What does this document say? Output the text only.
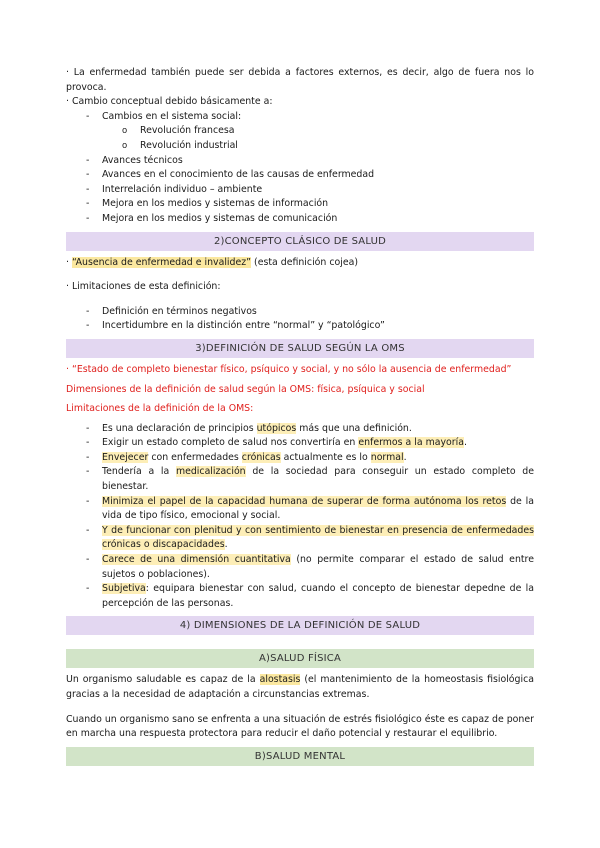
· La enfermedad también puede ser debida a factores externos, es decir, algo de fuera nos lo provoca.

· Cambio conceptual debido básicamente a:

- Cambios en el sistema social:
o Revolución francesa
o Revolución industrial
- Avances técnicos
- Avances en el conocimiento de las causas de enfermedad
- Interrelación individuo – ambiente
- Mejora en los medios y sistemas de información
- Mejora en los medios y sistemas de comunicación
2)CONCEPTO CLÁSICO DE SALUD

· “Ausencia de enfermedad e invalidez” (esta definición cojea)

· Limitaciones de esta definición:

- Definición en términos negativos
- Incertidumbre en la distinción entre “normal” y “patológico”
3)DEFINICIÓN DE SALUD SEGÚN LA OMS

· “Estado de completo bienestar físico, psíquico y social, y no sólo la ausencia de enfermedad”

Dimensiones de la definición de salud según la OMS: física, psíquica y social

Limitaciones de la definición de la OMS:

- Es una declaración de principios utópicos más que una definición.
- Exigir un estado completo de salud nos convertiría en enfermos a la mayoría.
- Envejecer con enfermedades crónicas actualmente es lo normal.
- Tendería a la medicalización de la sociedad para conseguir un estado completo de bienestar.
- Minimiza el papel de la capacidad humana de superar de forma autónoma los retos de la vida de tipo físico, emocional y social.
- Y de funcionar con plenitud y con sentimiento de bienestar en presencia de enfermedades crónicas o discapacidades.
- Carece de una dimensión cuantitativa (no permite comparar el estado de salud entre sujetos o poblaciones).
- Subjetiva: equipara bienestar con salud, cuando el concepto de bienestar depedne de la percepción de las personas.
4) DIMENSIONES DE LA DEFINICIÓN DE SALUD
A)SALUD FÍSICA

Un organismo saludable es capaz de la alostasis (el mantenimiento de la homeostasis fisiológica gracias a la necesidad de adaptación a circunstancias extremas.

Cuando un organismo sano se enfrenta a una situación de estrés fisiológico éste es capaz de poner en marcha una respuesta protectora para reducir el daño potencial y restaurar el equilibrio.

B)SALUD MENTAL
